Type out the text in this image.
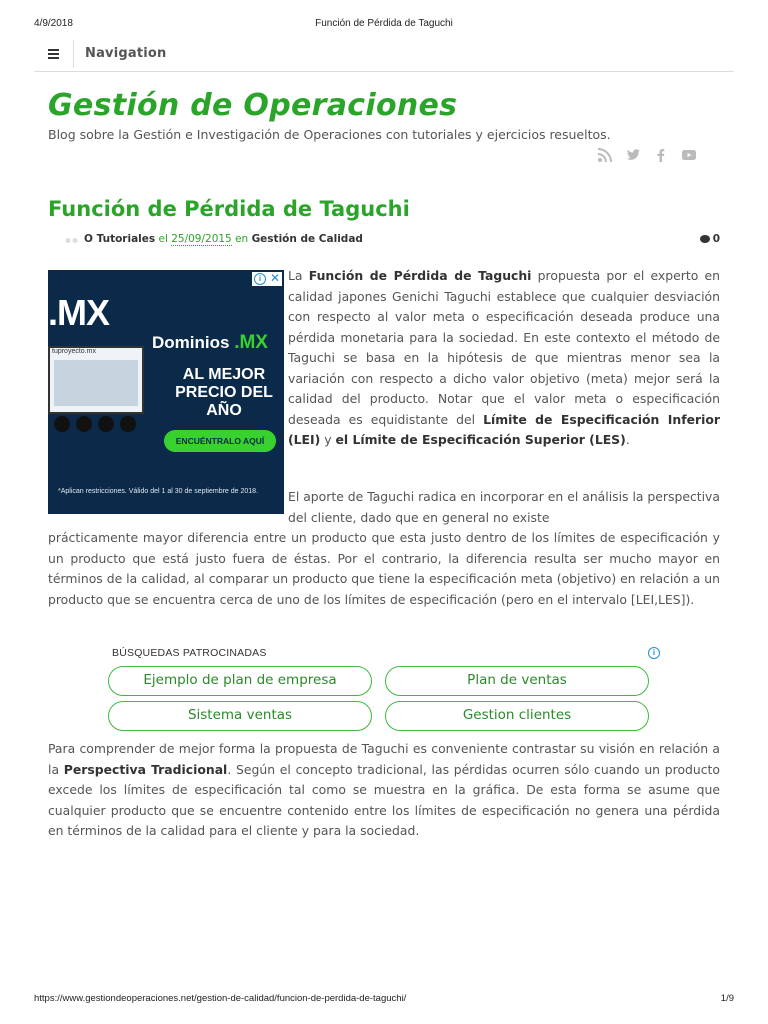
4/9/2018	Función de Pérdida de Taguchi
Navigation
Gestión de Operaciones
Blog sobre la Gestión e Investigación de Operaciones con tutoriales y ejercicios resueltos.
Función de Pérdida de Taguchi
O Tutoriales el 25/09/2015 en Gestión de Calidad	0
.MX
tuproyecto.mx	Dominios .MX
AL MEJOR PRECIO DEL AÑO
ENCUÉNTRALO AQUÍ
*Aplican restricciones. Válido del 1 al 30 de septiembre de 2018.
i ✕ La Función de Pérdida de Taguchi propuesta por el experto en calidad japones Genichi Taguchi establece que cualquier desviación con respecto al valor meta o especificación deseada produce una pérdida monetaria para la sociedad. En este contexto el método de Taguchi se basa en la hipótesis de que mientras menor sea la variación con respecto a dicho valor objetivo (meta) mejor será la calidad del producto. Notar que el valor meta o especificación deseada es equidistante del Límite de Especificación Inferior (LEI) y el Límite de Especificación Superior (LES).
El aporte de Taguchi radica en incorporar en el análisis la perspectiva del cliente, dado que en general no existe
prácticamente mayor diferencia entre un producto que esta justo dentro de los límites de especificación y un producto que está justo fuera de éstas. Por el contrario, la diferencia resulta ser mucho mayor en términos de la calidad, al comparar un producto que tiene la especificación meta (objetivo) en relación a un producto que se encuentra cerca de uno de los límites de especificación (pero en el intervalo [LEI,LES]).
BÚSQUEDAS PATROCINADAS	i
Ejemplo de plan de empresa	Plan de ventas
Sistema ventas	Gestion clientes
Para comprender de mejor forma la propuesta de Taguchi es conveniente contrastar su visión en relación a la Perspectiva Tradicional. Según el concepto tradicional, las pérdidas ocurren sólo cuando un producto excede los límites de especificación tal como se muestra en la gráfica. De esta forma se asume que cualquier producto que se encuentre contenido entre los límites de especificación no genera una pérdida en términos de la calidad para el cliente y para la sociedad.
https://www.gestiondeoperaciones.net/gestion-de-calidad/funcion-de-perdida-de-taguchi/	1/9
